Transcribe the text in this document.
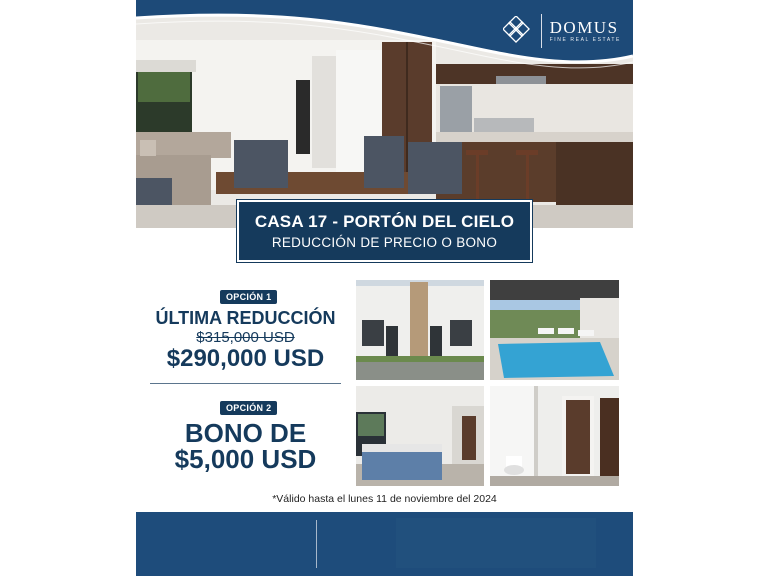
DOMUS
FINE REAL ESTATE
CASA 17 - PORTÓN DEL CIELO
REDUCCIÓN DE PRECIO O BONO
OPCIÓN 1
ÚLTIMA REDUCCIÓN
$315,000 USD
$290,000 USD
OPCIÓN 2
BONO DE
$5,000 USD
*Válido hasta el lunes 11 de noviembre del 2024
